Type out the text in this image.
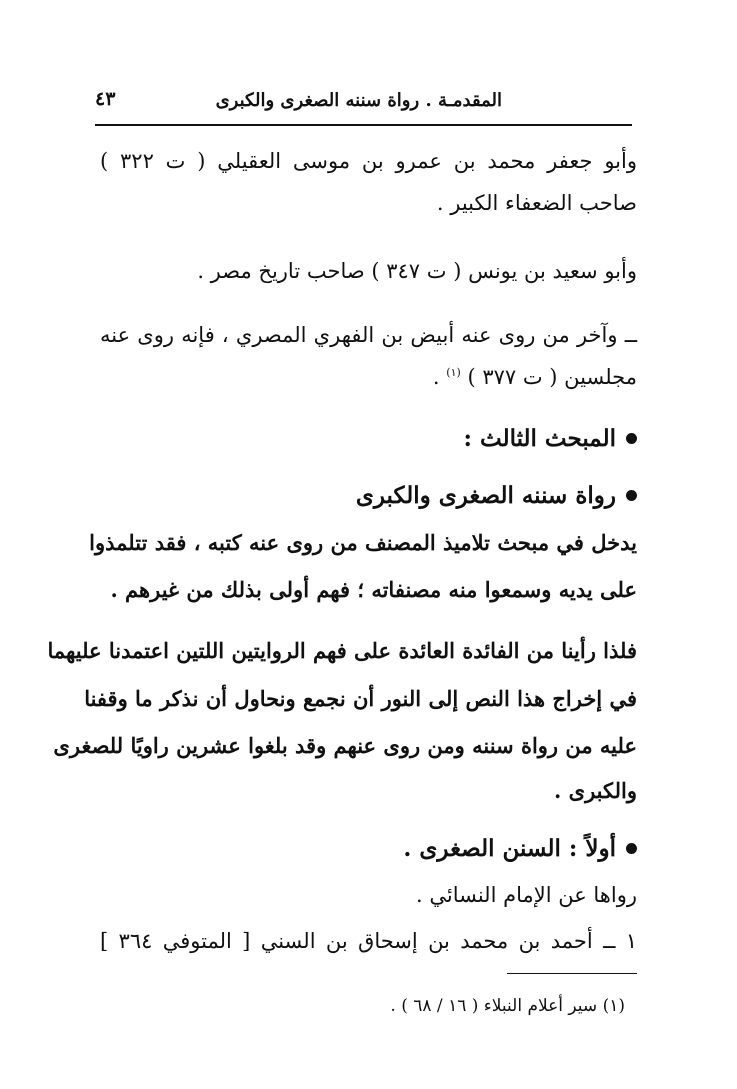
المقدمـة . رواة سننه الصغرى والكبرى
٤٣
وأبو جعفر محمد بن عمرو بن موسى العقيلي ( ت ٣٢٢ )
صاحب الضعفاء الكبير .
وأبو سعيد بن يونس ( ت ٣٤٧ ) صاحب تاريخ مصر .
ــ وآخر من روى عنه أبيض بن الفهري المصري ، فإنه روى عنه
مجلسين ( ت ٣٧٧ ) $^{(١)}$ .
المبحث الثالث :
رواة سننه الصغرى والكبرى
يدخل في مبحث تلاميذ المصنف من روى عنه كتبه ، فقد تتلمذوا
على يديه وسمعوا منه مصنفاته ؛ فهم أولى بذلك من غيرهم .
فلذا رأينا من الفائدة العائدة على فهم الروايتين اللتين اعتمدنا عليهما
في إخراج هذا النص إلى النور أن نجمع ونحاول أن نذكر ما وقفنا
عليه من رواة سننه ومن روى عنهم وقد بلغوا عشرين راويًا للصغرى
والكبرى .
أولاً : السنن الصغرى .
رواها عن الإمام النسائي .
١ ــ أحمد بن محمد بن إسحاق بن السني [ المتوفي ٣٦٤ ]
(١) سير أعلام النبلاء ( ١٦ / ٦٨ ) .
